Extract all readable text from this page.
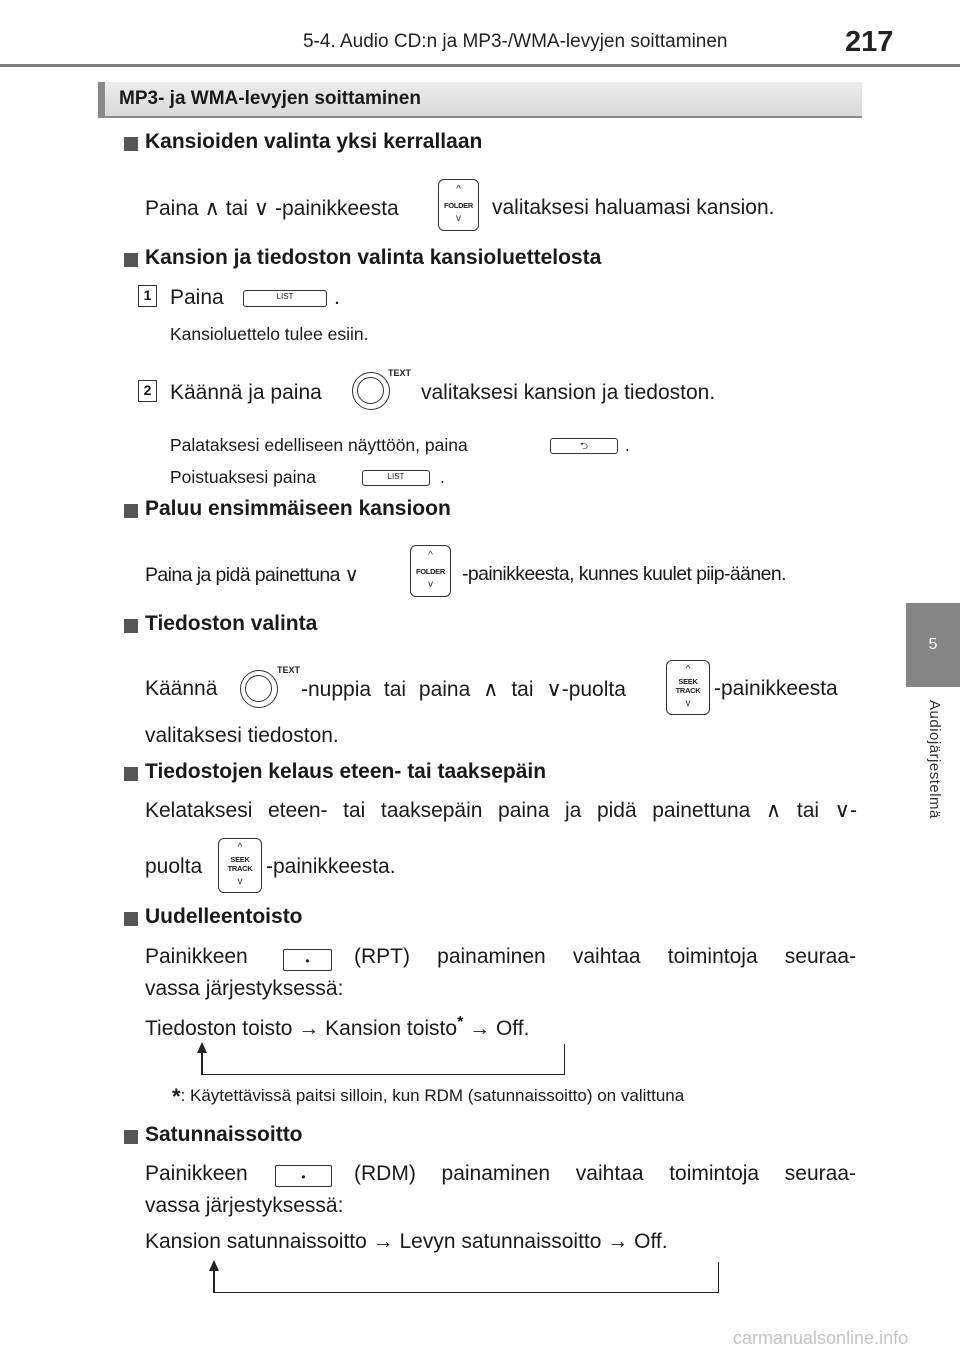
5-4. Audio CD:n ja MP3-/WMA-levyjen soittaminen	217
5
Audiojärjestelmä
MP3- ja WMA-levyjen soittaminen
Kansioiden valinta yksi kerrallaan
Paina ∧ tai ∨ -painikkeesta
^
FOLDER
v	valitaksesi haluamasi kansion.
Kansion ja tiedoston valinta kansioluettelosta
1 Paina	LIST	.
Kansioluettelo tulee esiin.
2 Käännä ja paina
TEXT
valitaksesi kansion ja tiedoston.
Palataksesi edelliseen näyttöön, paina	⮌	.
Poistuaksesi paina	LIST	.
Paluu ensimmäiseen kansioon
Paina ja pidä painettuna ∨
^
FOLDER
v	-painikkeesta, kunnes kuulet piip-äänen.
Tiedoston valinta
Käännä
TEXT
-nuppia tai paina ∧ tai ∨-puolta
^
SEEK
TRACK
v
-painikkeesta
valitaksesi tiedoston.
Tiedostojen kelaus eteen- tai taaksepäin
Kelataksesi eteen- tai taaksepäin paina ja pidä painettuna ∧ tai ∨-
puolta
^
SEEK
TRACK
v
-painikkeesta.
Uudelleentoisto
Painikkeen	•	(RPT) painaminen vaihtaa toimintoja seuraa-
vassa järjestyksessä:
Tiedoston toisto → Kansion toisto* → Off.
*: Käytettävissä paitsi silloin, kun RDM (satunnaissoitto) on valittuna
Satunnaissoitto
Painikkeen	•	(RDM) painaminen vaihtaa toimintoja seuraa-
vassa järjestyksessä:
Kansion satunnaissoitto → Levyn satunnaissoitto → Off.
carmanualsonline.info
